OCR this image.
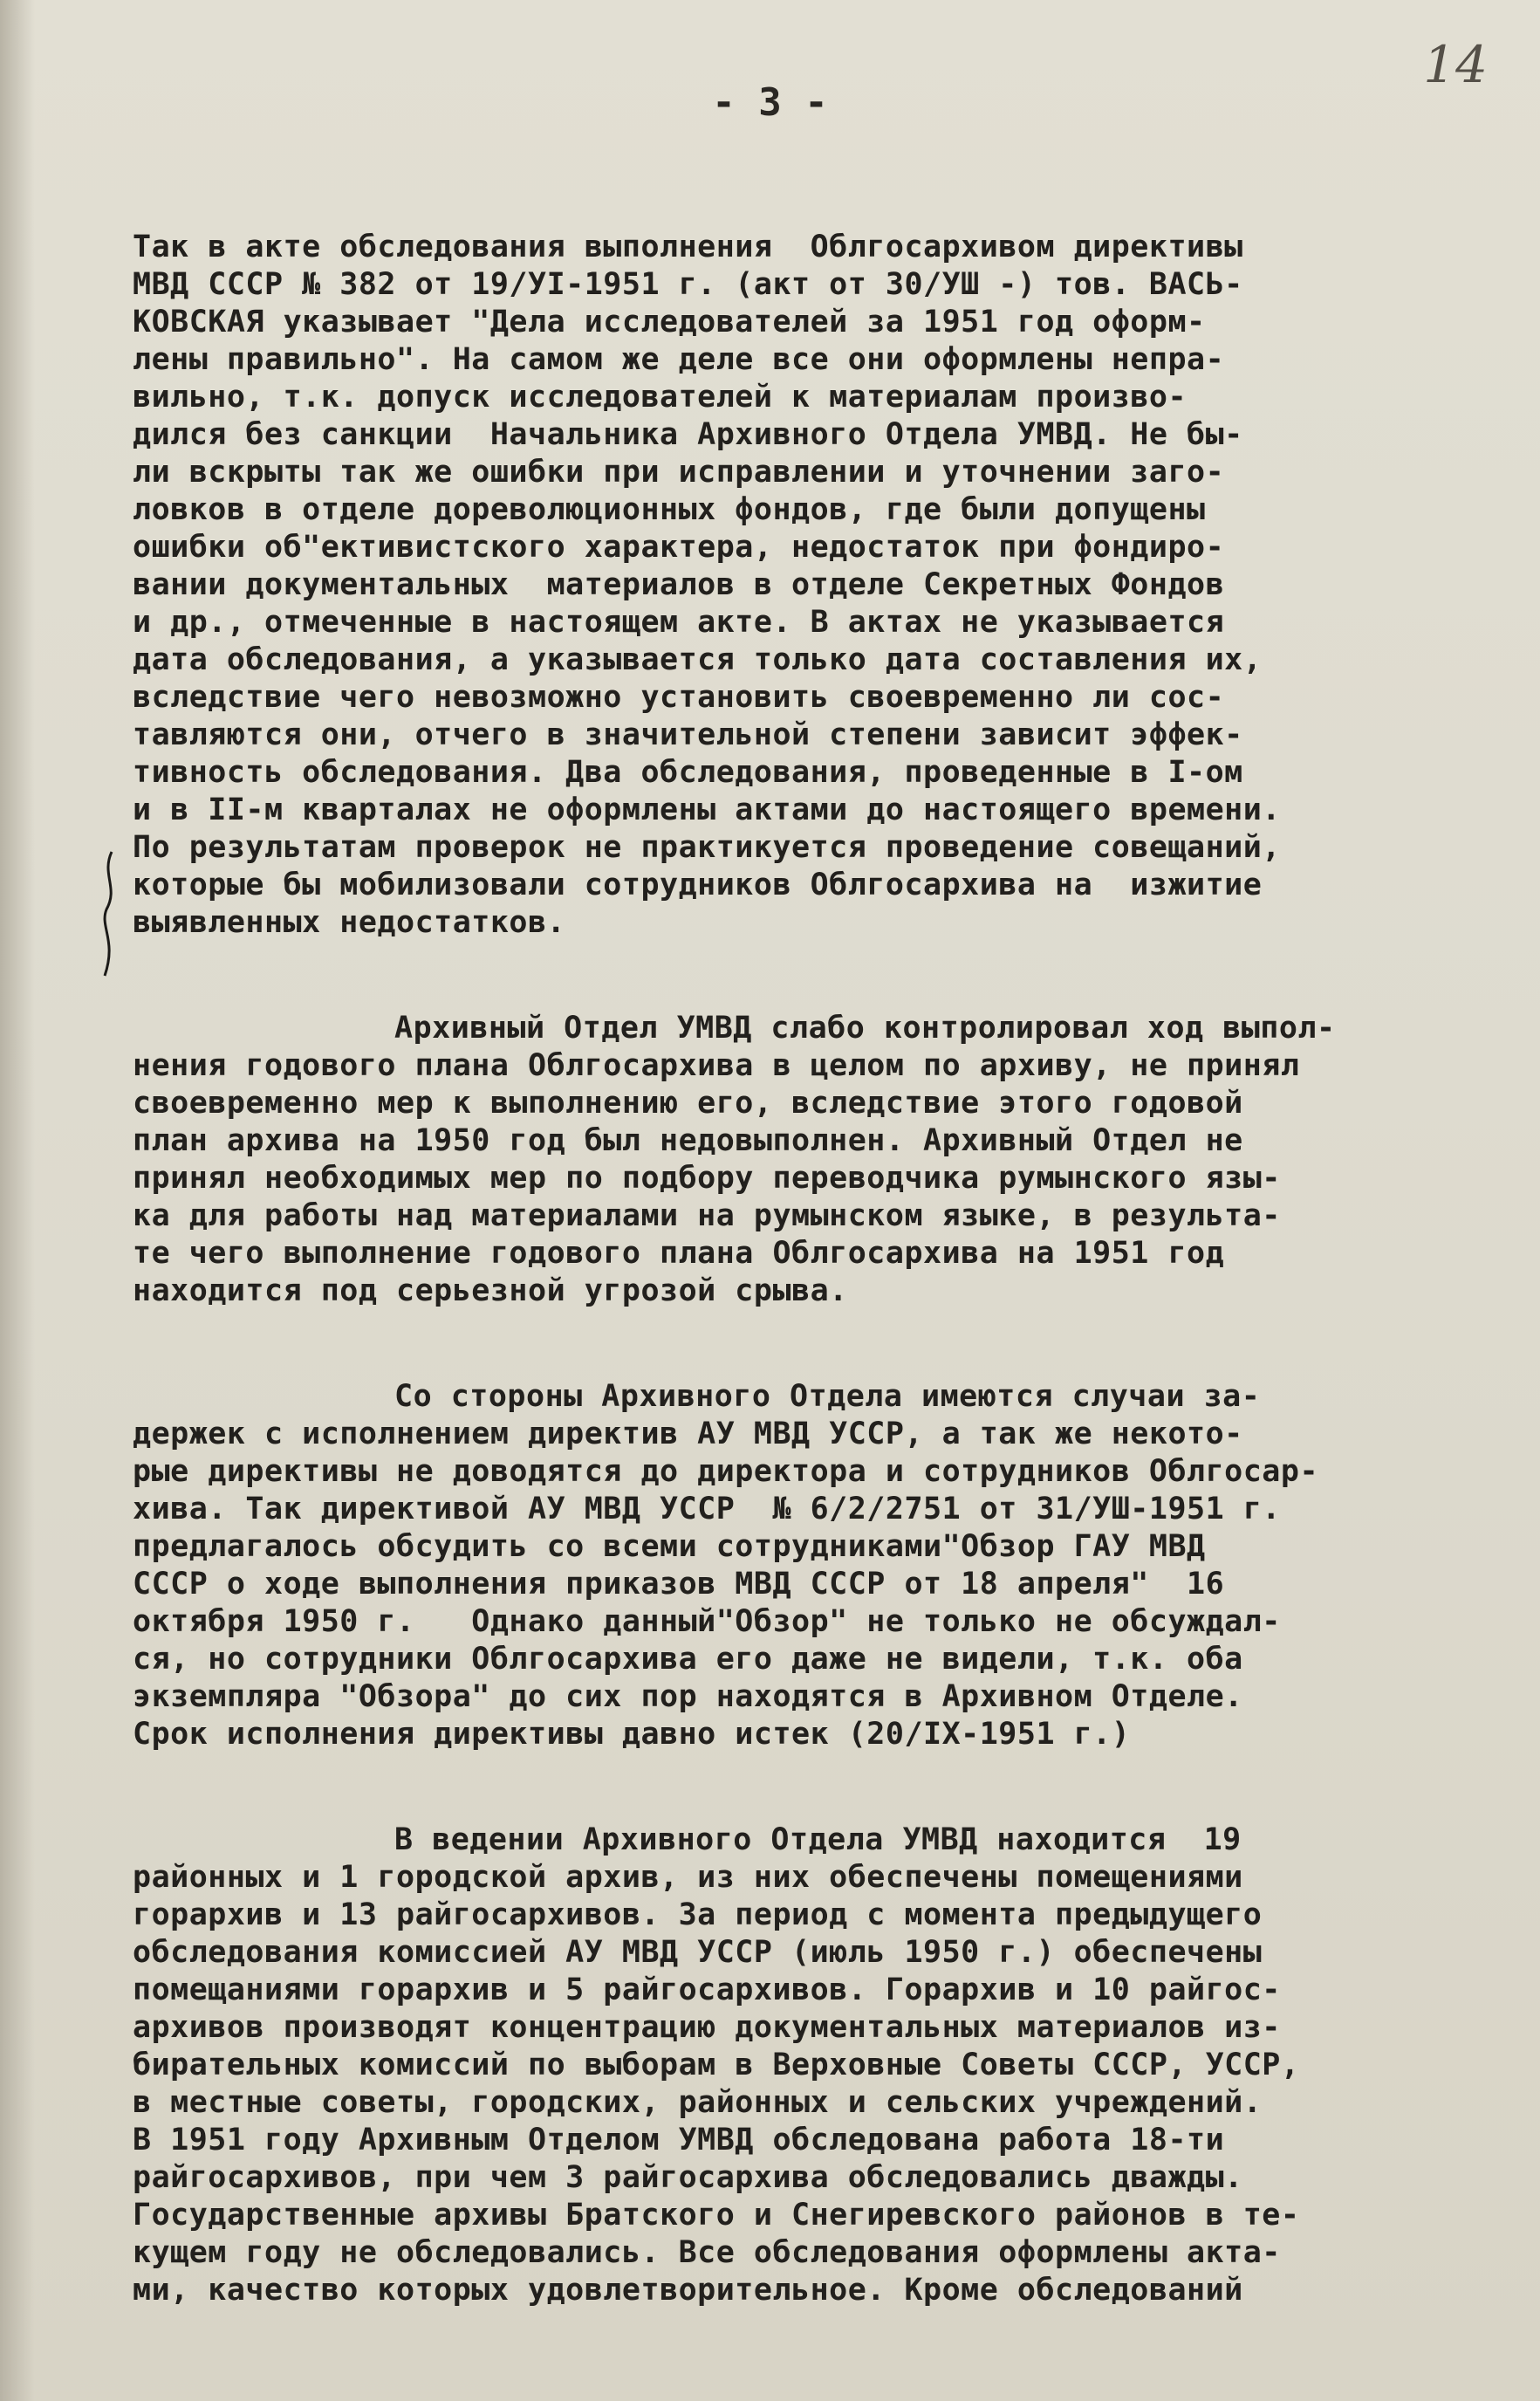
14
- 3 -
Так в акте обследования выполнения  Облгосархивом директивы
МВД СССР № 382 от 19/УІ-1951 г. (акт от 30/УШ -) тов. ВАСЬ-
КОВСКАЯ указывает "Дела исследователей за 1951 год оформ-
лены правильно". На самом же деле все они оформлены непра-
вильно, т.к. допуск исследователей к материалам произво-
дился без санкции  Начальника Архивного Отдела УМВД. Не бы-
ли вскрыты так же ошибки при исправлении и уточнении заго-
ловков в отделе дореволюционных фондов, где были допущены
ошибки об"ективистского характера, недостаток при фондиро-
вании документальных  материалов в отделе Секретных Фондов
и др., отмеченные в настоящем акте. В актах не указывается
дата обследования, а указывается только дата составления их,
вследствие чего невозможно установить своевременно ли сос-
тавляются они, отчего в значительной степени зависит эффек-
тивность обследования. Два обследования, проведенные в І-ом
и в ІІ-м кварталах не оформлены актами до настоящего времени.
По результатам проверок не практикуется проведение совещаний,
которые бы мобилизовали сотрудников Облгосархива на  изжитие
выявленных недостатков.
Архивный Отдел УМВД слабо контролировал ход выпол-
нения годового плана Облгосархива в целом по архиву, не принял
своевременно мер к выполнению его, вследствие этого годовой
план архива на 1950 год был недовыполнен. Архивный Отдел не
принял необходимых мер по подбору переводчика румынского язы-
ка для работы над материалами на румынском языке, в результа-
те чего выполнение годового плана Облгосархива на 1951 год
находится под серьезной угрозой срыва.
Со стороны Архивного Отдела имеются случаи за-
держек с исполнением директив АУ МВД УССР, а так же некото-
рые директивы не доводятся до директора и сотрудников Облгосар-
хива. Так директивой АУ МВД УССР  № 6/2/2751 от 31/УШ-1951 г.
предлагалось обсудить со всеми сотрудниками"Обзор ГАУ МВД
СССР о ходе выполнения приказов МВД СССР от 18 апреля"  16
октября 1950 г.   Однако данный"Обзор" не только не обсуждал-
ся, но сотрудники Облгосархива его даже не видели, т.к. оба
экземпляра "Обзора" до сих пор находятся в Архивном Отделе.
Срок исполнения директивы давно истек (20/ІХ-1951 г.)
В ведении Архивного Отдела УМВД находится  19
районных и 1 городской архив, из них обеспечены помещениями
горархив и 13 райгосархивов. За период с момента предыдущего
обследования комиссией АУ МВД УССР (июль 1950 г.) обеспечены
помещаниями горархив и 5 райгосархивов. Горархив и 10 райгос-
архивов производят концентрацию документальных материалов из-
бирательных комиссий по выборам в Верховные Советы СССР, УССР,
в местные советы, городских, районных и сельских учреждений.
В 1951 году Архивным Отделом УМВД обследована работа 18-ти
райгосархивов, при чем 3 райгосархива обследовались дважды.
Государственные архивы Братского и Снегиревского районов в те-
кущем году не обследовались. Все обследования оформлены акта-
ми, качество которых удовлетворительное. Кроме обследований
